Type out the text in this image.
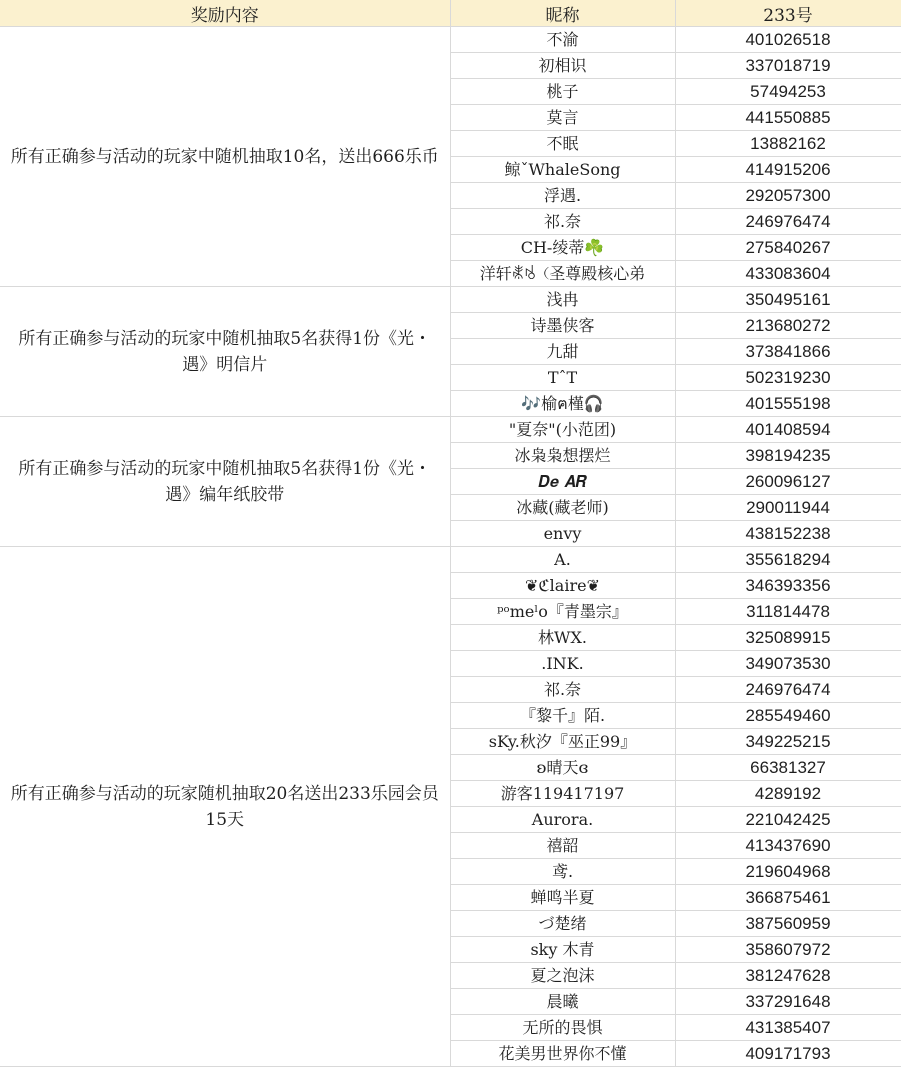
奖励内容	昵称	233号
所有正确参与活动的玩家中随机抽取10名，送出666乐币	不渝	401026518
	初相识	337018719
	桃子	57494253
	莫言	441550885
	不眠	13882162
	鲸ˇWhaleSong	414915206
	浮遇.	292057300
	祁.奈	246976474
	CH-绫蒂☘️	275840267
	洋轩ꌿꂚ（圣尊殿核心弟	433083604
所有正确参与活动的玩家中随机抽取5名获得1份《光・遇》明信片	浅冉	350495161
	诗墨侠客	213680272
	九甜	373841866
	TˆT	502319230
	🎶榆ฅ槿🎧	401555198
所有正确参与活动的玩家中随机抽取5名获得1份《光・遇》编年纸胶带	"夏奈"(小范团)	401408594
	冰枭枭想摆烂	398194235
	𝑫𝒆 𝑨𝑹	260096127
	冰藏(藏老师)	290011944
	envy	438152238
所有正确参与活动的玩家随机抽取20名送出233乐园会员15天	A.	355618294
	❦ℭlaire❦	346393356
	ᵖᵒmeˡo『青墨宗』	311814478
	林WX.	325089915
	.INK.	349073530
	祁.奈	246976474
	『黎千』陌.	285549460
	sKy.秋汐『巫正99』	349225215
	ʚ晴天ɞ	66381327
	游客119417197	4289192
	Aurora.	221042425
	禧韶	413437690
	鸢.	219604968
	蝉鸣半夏	366875461
	づ楚绪	387560959
	sky 木青	358607972
	夏之泡沫	381247628
	晨曦	337291648
	无所的畏惧	431385407
	花美男世界你不懂	409171793
